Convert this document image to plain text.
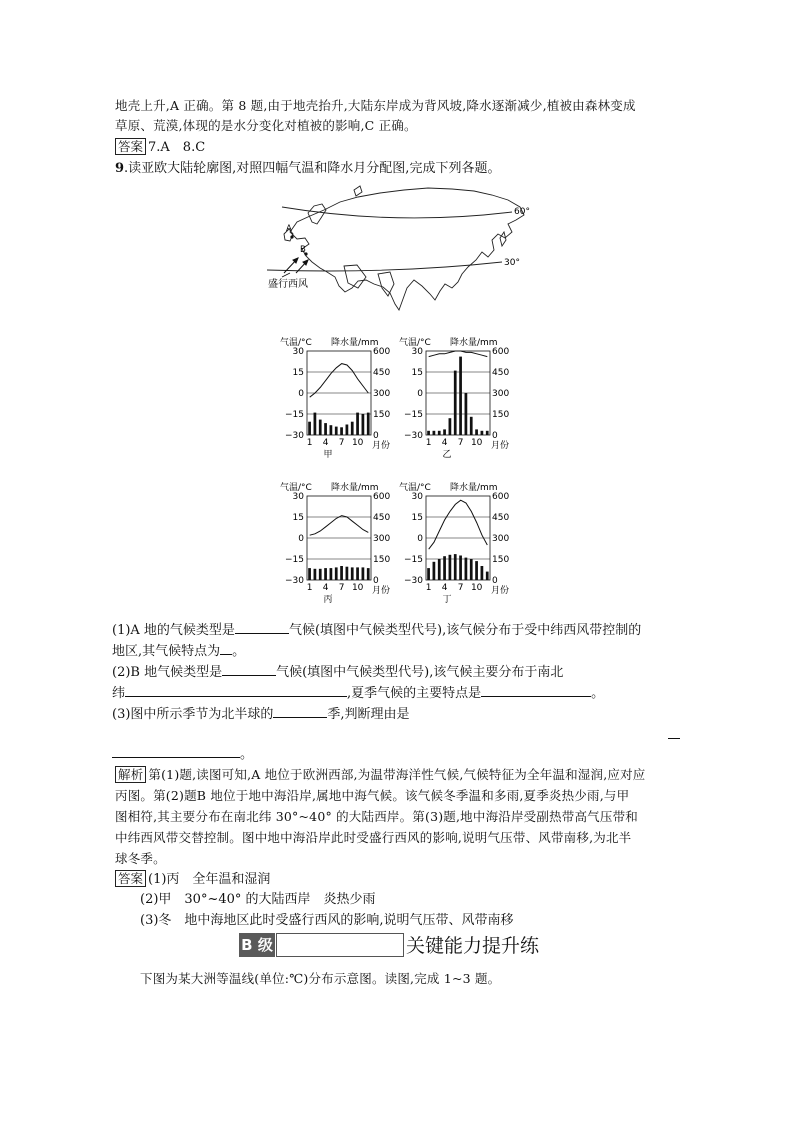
地壳上升,A 正确。第 8 题,由于地壳抬升,大陆东岸成为背风坡,降水逐渐减少,植被由森林变成
草原、荒漠,体现的是水分变化对植被的影响,C 正确。
答案 7.A　8.C
9.读亚欧大陆轮廓图,对照四幅气温和降水月分配图,完成下列各题。
60°
30°
A
B
盛行西风
气温/°C 降水量/mm
30	600
15	450
0	300
−15	150
−30	0
1 4 7 10 月份
甲
气温/°C 降水量/mm
30	600
15	450
0	300
−15	150
−30	0
1 4 7 10 月份
乙
气温/°C 降水量/mm
30	600
15	450
0	300
−15	150
−30	0
1 4 7 10 月份
丙
气温/°C 降水量/mm
30	600
15	450
0	300
−15	150
−30	0
1 4 7 10 月份
丁
(1)A 地的气候类型是	气候(填图中气候类型代号),该气候分布于受中纬西风带控制的
地区,其气候特点为 。
(2)B 地气候类型是	气候(填图中气候类型代号),该气候主要分布于南北
纬	,夏季气候的主要特点是	。
(3)图中所示季节为北半球的	季,判断理由是
。
解析 第(1)题,读图可知,A 地位于欧洲西部,为温带海洋性气候,气候特征为全年温和湿润,应对应
丙图。第(2)题B 地位于地中海沿岸,属地中海气候。该气候冬季温和多雨,夏季炎热少雨,与甲
图相符,其主要分布在南北纬 30°~40° 的大陆西岸。第(3)题,地中海沿岸受副热带高气压带和
中纬西风带交替控制。图中地中海沿岸此时受盛行西风的影响,说明气压带、风带南移,为北半
球冬季。
答案 (1)丙　全年温和湿润
(2)甲　30°~40° 的大陆西岸　炎热少雨
(3)冬　地中海地区此时受盛行西风的影响,说明气压带、风带南移
B 级	关键能力提升练
下图为某大洲等温线(单位:℃)分布示意图。读图,完成 1~3 题。
